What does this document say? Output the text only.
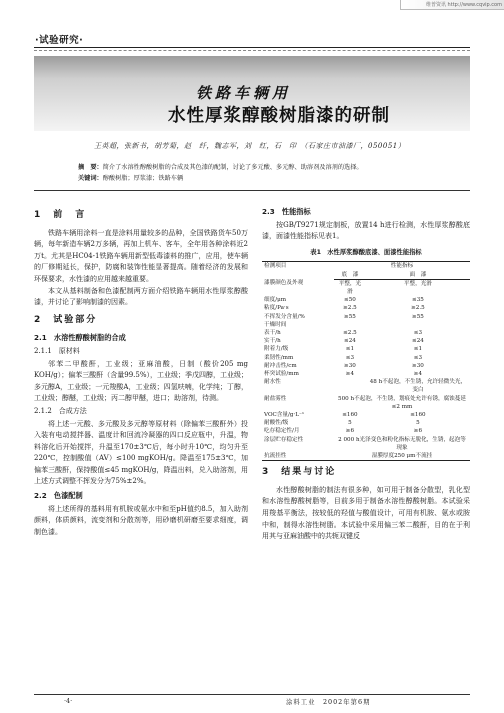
维普资讯 http://www.cqvip.com
·试验研究·
铁路车辆用
水性厚浆醇酸树脂漆的研制
王英超，张新书，胡芳菊，赵　纤，魏志军，刘　红，石　印　（石家庄市油漆厂，050051）
摘　要：简介了水溶性醇酸树脂的合成及其色漆的配制，讨论了多元酸、多元醇、助溶剂及溶剂的选择。
关键词：醇酸树脂；厚浆漆；铁路车辆
1　前　言
铁路车辆用涂料一直是涂料用量较多的品种，全国铁路货车50万辆，每年新造车辆2万多辆，再加上机车、客车，全年用各种涂料近2万t。尤其是HC04-1铁路车辆用新型低毒漆料的推广，应用，使车辆的厂修期延长，保护，防腐和装饰性能显著提高。随着经济的发展和环保要求，水性漆的应用越来越重要。
本文从基料制备和色漆配制两方面介绍铁路车辆用水性厚浆醇酸漆，并讨论了影响制漆的因素。
2　试验部分
2.1　水溶性醇酸树脂的合成
2.1.1　原材料
邻苯二甲酸酐，工业级；亚麻油酸，日制（酸价205 mg KOH/g）；偏苯三酸酐（含量99.5%），工业级；季戊四醇，工业级；多元醇A，工业级；一元羧酸A，工业级；四氢呋喃，化学纯；丁醇，工业级；醇醚，工业级；丙二醇甲醚，进口；助溶剂，待测。
2.1.2　合成方法
将上述一元酸、多元酸及多元醇等原材料（除偏苯三酸酐外）投入装有电动搅拌器、温度计和回流冷凝器的四口反应瓶中，升温，物料溶化后开始搅拌，升温至170±3℃后，每小时升10℃，均匀升至220℃，控制酸值（AV）≤100 mgKOH/g。降温至175±3℃，加偏苯三酸酐，保持酸值≤45 mgKOH/g，降温出料，兑入助溶剂，用上述方式调整不挥发分为75%±2%。
2.2　色漆配制
将上述所得的基料用有机胺或氨水中和至pH值约8.5，加入助剂颜料，体质颜料，流变剂和分散剂等，用砂磨机研磨至要求细度，调制色漆。
2.3　性能指标
按GB/T9271规定制板，放置14 h进行检测，水性厚浆醇酸底漆，面漆性能指标见表1。
表1　水性厚浆醇酸底漆、面漆性能指标
检测项目	性能指标	
	底　漆	面　漆
漆膜颜色及外观	平整，光滑	平整，光滑
细度/μm	≤50	≤35
粘度/Pa·s	≥2.5	≥2.5
不挥发分含量/%	≥55	≥55
干燥时间		
表干/h	≤2.5	≤3
实干/h	≤24	≤24
附着力/级	≤1	≤1
柔韧性/mm	≤3	≤3
耐冲击性/cm	≥30	≥30
杯突试验/mm	≥4	≥4
耐水性		48 h不起泡，不生锈，允许轻微失光，变白
耐盐雾性	500 h不起泡，不生锈，划痕处允许有锈，腐蚀蔓延≤2 mm	
VOC含量/g·L⁻¹	≤160	≤160
耐酸性/级	5	5
吃存稳定性/月	≥6	≥6
涂层贮存稳定性	2 000 h光泽变色和粉化指标无脱化，生锈，起泡等现象	
抗流挂性	湿膜厚度250 μm不流挂	
3　结果与讨论
水性醇酸树脂的制法有很多种，如可用于制备分散型，乳化型和水溶性醇酸树脂等，目前多用于制备水溶性醇酸树脂。本试验采用羧基平衡法，按较低的羟值与酸值设计，可用有机胺、氨水或胺中和，制得水溶性树脂。本试验中采用偏三苯二酸酐，目的在于利用其与亚麻油酸中的共轭双键反
·4·	涂料工业　2002年第6期
